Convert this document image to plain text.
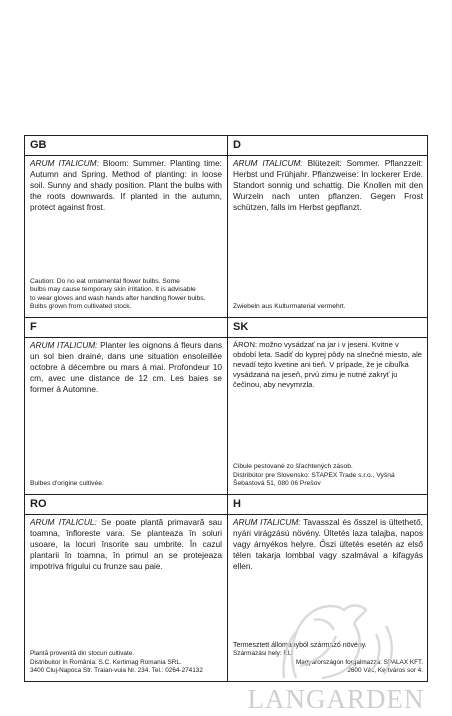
GB
ARUM ITALICUM: Bloom: Summer. Planting time: Autumn and Spring. Method of planting: in loose soil. Sunny and shady position. Plant the bulbs with the roots downwards. If planted in the autumn, protect against frost.
Caution: Do no eat ornamental flower bulbs. Some
bulbs may cause temporary skin irritation. It is advisable
to wear gloves and wash hands after handling flower bulbs.
Bulbs grown from cultivated stock.
D
ARUM ITALICUM: Blütezeit: Sommer. Pflanzzeit: Herbst und Frühjahr. Pflanzweise: In lockerer Erde. Standort sonnig und schattig. Die Knollen mit den Wurzeln nach unten pflanzen. Gegen Frost schützen, falls im Herbst gepflanzt.
Zwiebeln aus Kulturmaterial vermehrt.
F
ARUM ITALICUM: Planter les oignons á fleurs dans un sol bien drainé, dans une situation ensoleillée octobre á décembre ou mars á mai. Profondeur 10 cm, avec une distance de 12 cm. Les baies se former á Automne.
Bulbes d'origine cultivée.
SK
ÁRON: možno vysádzať na jar i v jeseni. Kvitne v období leta. Sadiť do kyprej pôdy na slnečné miesto, ale nevadí tejto kvetine ani tieň. V prípade, že je cibuľka vysádzaná na jeseň, prvú zimu je nutné zakryť ju čečinou, aby nevymrzla.
Cibule pestované zo šľachtených zásob.
Distribútor pre Slovensko: STAPEX Trade s.r.o., Vyšná
Šebastová 51, 080 06 Prešov
RO
ARUM ITALICUL: Se poate plantă primavară sau toamna, înfloreste vara. Se planteaza în soluri usoare, la locuri însorite sau umbrite. În cazul plantarii în toamna, în primul an se protejeaza impotriva frigului cu frunze sau paie.
Plantă provenită din stocuri cultivate.
Distribuitor în România: S.C. Kertimag Romania SRL.
3400 Cluj-Napoca Str. Traian-vuia Nr. 234. Tel.: 0264-274132
H
ARUM ITALICUM: Tavasszal és ősszel is ültethető, nyári virágzású növény. Ültetés laza talajba, napos vagy árnyékos helyre. Őszi ültetés esetén az első télen takarja lombbal vagy szalmával a kifagyás ellen.
Termesztett állományból származó növény.
Származási hely: EU
Magyarországon forgalmazza: SPALAX KFT.
2600 Vác, Kertváros sor 4.
LANGARDEN
